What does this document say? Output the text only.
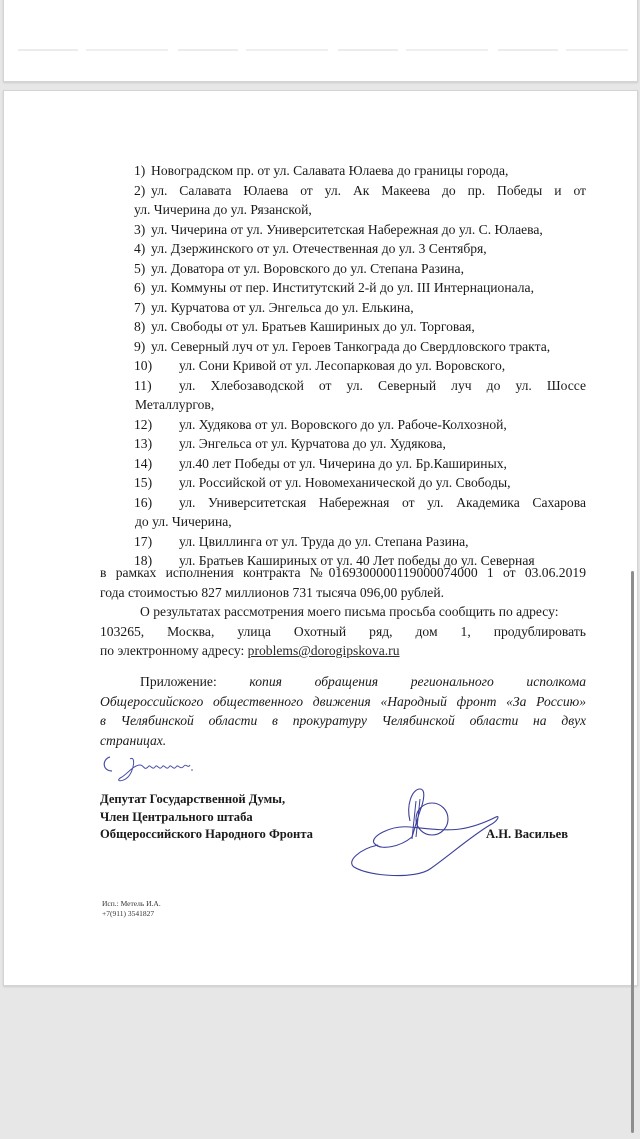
1) Новоградском пр. от ул. Салавата Юлаева до границы города,
2) ул. Салавата Юлаева от ул. Ак Макеева до пр. Победы и от
ул. Чичерина до ул. Рязанской,
3) ул. Чичерина от ул. Университетская Набережная до ул. С. Юлаева,
4) ул. Дзержинского от ул. Отечественная до ул. 3 Сентября,
5) ул. Доватора от ул. Воровского до ул. Степана Разина,
6) ул. Коммуны от пер. Институтский 2-й до ул. III Интернационала,
7) ул. Курчатова от ул. Энгельса до ул. Елькина,
8) ул. Свободы от ул. Братьев Кашириных до ул. Торговая,
9) ул. Северный луч от ул. Героев Танкограда до Свердловского тракта,
10) ул. Сони Кривой от ул. Лесопарковая до ул. Воровского,
11) ул. Хлебозаводской от ул. Северный луч до ул. Шоссе
Металлургов,
12) ул. Худякова от ул. Воровского до ул. Рабоче-Колхозной,
13) ул. Энгельса от ул. Курчатова до ул. Худякова,
14) ул.40 лет Победы от ул. Чичерина до ул. Бр.Кашириных,
15) ул. Российской от ул. Новомеханической до ул. Свободы,
16) ул. Университетская Набережная от ул. Академика Сахарова
до ул. Чичерина,
17) ул. Цвиллинга от ул. Труда до ул. Степана Разина,
18) ул. Братьев Кашириных от ул. 40 Лет победы до ул. Северная
в рамках исполнения контракта №0169300000119000074000 1 от 03.06.2019
года стоимостью 827 миллионов 731 тысяча 096,00 рублей.
О результатах рассмотрения моего письма просьба сообщить по адресу:
103265, Москва, улица Охотный ряд, дом 1, продублировать
по электронному адресу: problems@dorogipskova.ru
Приложение: копия обращения регионального исполкома
Общероссийского общественного движения «Народный фронт «За Россию»
в Челябинской области в прокуратуру Челябинской области на двух
страницах.
Депутат Государственной Думы,
Член Центрального штаба
Общероссийского Народного Фронта	А.Н. Васильев
Исп.: Метель И.А.
+7(911) 3541827
